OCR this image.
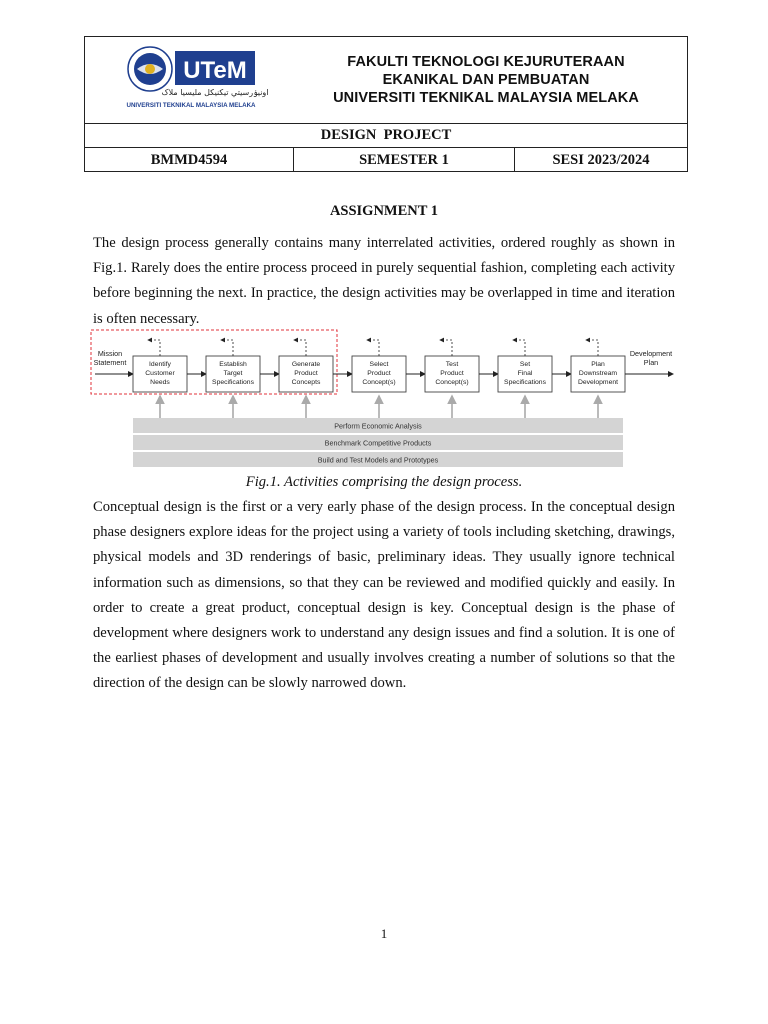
UTeM
اونيۏرسيتي تيکنيکل مليسيا ملاک
UNIVERSITI TEKNIKAL MALAYSIA MELAKA
FAKULTI TEKNOLOGI KEJURUTERAAN
EKANIKAL DAN PEMBUATAN
UNIVERSITI TEKNIKAL MALAYSIA MELAKA
DESIGN  PROJECT
BMMD4594	SEMESTER 1	SESI 2023/2024
ASSIGNMENT 1
The design process generally contains many interrelated activities, ordered roughly as shown in Fig.1. Rarely does the entire process proceed in purely sequential fashion, completing each activity before beginning the next. In practice, the design activities may be overlapped in time and iteration is often necessary.
Mission
Statement
Development
Plan
Identify
Customer
Needs
Establish
Target
Specifications
Generate
Product
Concepts
Select
Product
Concept(s)
Test
Product
Concept(s)
Set
Final
Specifications
Plan
Downstream
Development
Perform Economic Analysis
Benchmark Competitive Products
Build and Test Models and Prototypes
Fig.1. Activities comprising the design process.
Conceptual design is the first or a very early phase of the design process. In the conceptual design phase designers explore ideas for the project using a variety of tools including sketching, drawings, physical models and 3D renderings of basic, preliminary ideas. They usually ignore technical information such as dimensions, so that they can be reviewed and modified quickly and easily. In order to create a great product, conceptual design is key. Conceptual design is the phase of development where designers work to understand any design issues and find a solution. It is one of the earliest phases of development and usually involves creating a number of solutions so that the direction of the design can be slowly narrowed down.
1
